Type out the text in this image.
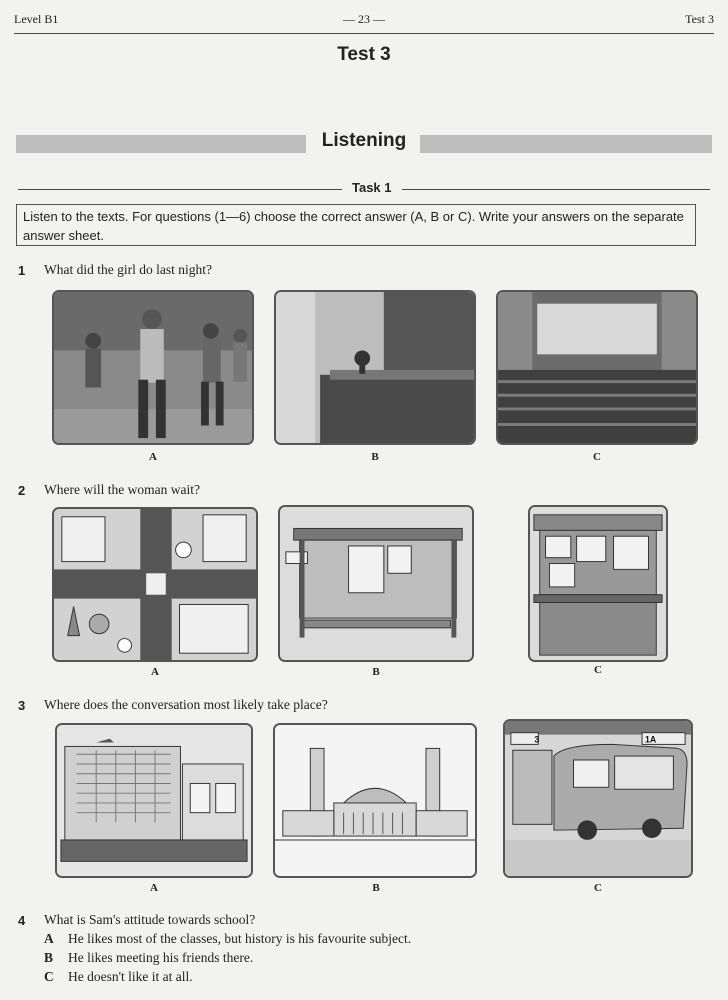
Level B1	— 23 —	Test 3
Test 3
Listening
Task 1
Listen to the texts. For questions (1—6) choose the correct answer (A, B or C). Write your answers on the separate answer sheet.
1 What did the girl do last night?
A	B	C
2 Where will the woman wait?
A	B	C
3 Where does the conversation most likely take place?
3	1A
A	B	C
4 What is Sam's attitude towards school?
A He likes most of the classes, but history is his favourite subject.
B He likes meeting his friends there.
C He doesn't like it at all.
